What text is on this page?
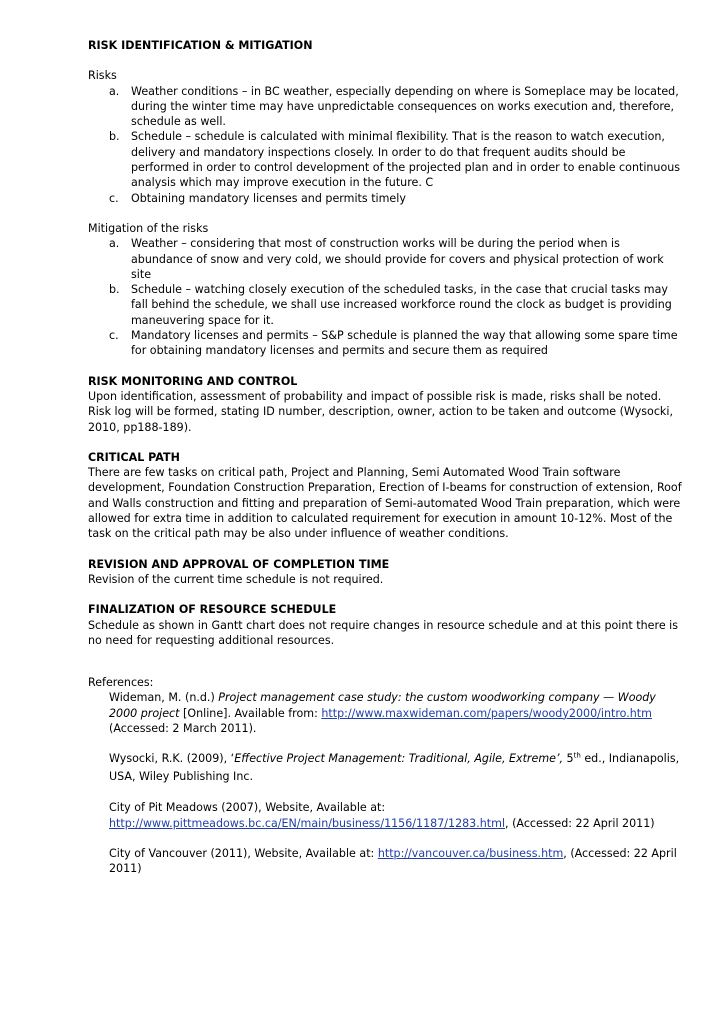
RISK IDENTIFICATION & MITIGATION

Risks

a. Weather conditions – in BC weather, especially depending on where is Someplace may be located, during the winter time may have unpredictable consequences on works execution and, therefore, schedule as well.
b. Schedule – schedule is calculated with minimal flexibility. That is the reason to watch execution, delivery and mandatory inspections closely. In order to do that frequent audits should be performed in order to control development of the projected plan and in order to enable continuous analysis which may improve execution in the future. C
c. Obtaining mandatory licenses and permits timely

Mitigation of the risks

a. Weather – considering that most of construction works will be during the period when is abundance of snow and very cold, we should provide for covers and physical protection of work site
b. Schedule – watching closely execution of the scheduled tasks, in the case that crucial tasks may fall behind the schedule, we shall use increased workforce round the clock as budget is providing maneuvering space for it.
c. Mandatory licenses and permits – S&P schedule is planned the way that allowing some spare time for obtaining mandatory licenses and permits and secure them as required

RISK MONITORING AND CONTROL

Upon identification, assessment of probability and impact of possible risk is made, risks shall be noted. Risk log will be formed, stating ID number, description, owner, action to be taken and outcome (Wysocki, 2010, pp188-189).

CRITICAL PATH

There are few tasks on critical path, Project and Planning, Semi Automated Wood Train software development, Foundation Construction Preparation, Erection of I-beams for construction of extension, Roof and Walls construction and fitting and preparation of Semi-automated Wood Train preparation, which were allowed for extra time in addition to calculated requirement for execution in amount 10-12%. Most of the task on the critical path may be also under influence of weather conditions.

REVISION AND APPROVAL OF COMPLETION TIME

Revision of the current time schedule is not required.

FINALIZATION OF RESOURCE SCHEDULE

Schedule as shown in Gantt chart does not require changes in resource schedule and at this point there is no need for requesting additional resources.

References:

Wideman, M. (n.d.) Project management case study: the custom woodworking company — Woody 2000 project [Online]. Available from: http://www.maxwideman.com/papers/woody2000/intro.htm
(Accessed: 2 March 2011).

Wysocki, R.K. (2009), ‘Effective Project Management: Traditional, Agile, Extreme’, 5th ed., Indianapolis, USA, Wiley Publishing Inc.

City of Pit Meadows (2007), Website, Available at:
http://www.pittmeadows.bc.ca/EN/main/business/1156/1187/1283.html, (Accessed: 22 April 2011)

City of Vancouver (2011), Website, Available at: http://vancouver.ca/business.htm, (Accessed: 22 April 2011)
